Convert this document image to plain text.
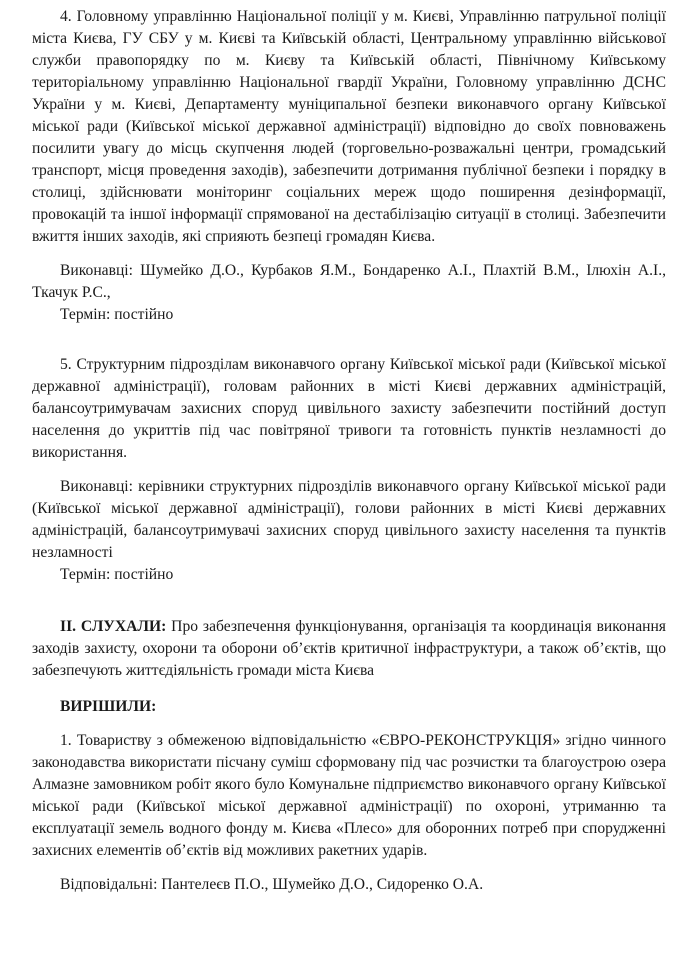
4. Головному управлінню Національної поліції у м. Києві, Управлінню патрульної поліції міста Києва, ГУ СБУ у м. Києві та Київській області, Центральному управлінню військової служби правопорядку по м. Києву та Київській області, Північному Київському територіальному управлінню Національної гвардії України, Головному управлінню ДСНС України у м. Києві, Департаменту муніципальної безпеки виконавчого органу Київської міської ради (Київської міської державної адміністрації) відповідно до своїх повноважень посилити увагу до місць скупчення людей (торговельно-розважальні центри, громадський транспорт, місця проведення заходів), забезпечити дотримання публічної безпеки і порядку в столиці, здійснювати моніторинг соціальних мереж щодо поширення дезінформації, провокацій та іншої інформації спрямованої на дестабілізацію ситуації в столиці. Забезпечити вжиття інших заходів, які сприяють безпеці громадян Києва.

Виконавці: Шумейко Д.О., Курбаков Я.М., Бондаренко А.І., Плахтій В.М., Ілюхін А.І., Ткачук Р.С.,

Термін: постійно

5. Структурним підрозділам виконавчого органу Київської міської ради (Київської міської державної адміністрації), головам районних в місті Києві державних адміністрацій, балансоутримувачам захисних споруд цивільного захисту забезпечити постійний доступ населення до укриттів під час повітряної тривоги та готовність пунктів незламності до використання.

Виконавці: керівники структурних підрозділів виконавчого органу Київської міської ради (Київської міської державної адміністрації), голови районних в місті Києві державних адміністрацій, балансоутримувачі захисних споруд цивільного захисту населення та пунктів незламності

Термін: постійно

ІІ. СЛУХАЛИ: Про забезпечення функціонування, організація та координація виконання заходів захисту, охорони та оборони об’єктів критичної інфраструктури, а також об’єктів, що забезпечують життєдіяльність громади міста Києва

ВИРІШИЛИ:

1. Товариству з обмеженою відповідальністю «ЄВРО-РЕКОНСТРУКЦІЯ» згідно чинного законодавства використати пісчану суміш сформовану під час розчистки та благоустрою озера Алмазне замовником робіт якого було Комунальне підприємство виконавчого органу Київської міської ради (Київської міської державної адміністрації) по охороні, утриманню та експлуатації земель водного фонду м. Києва «Плесо» для оборонних потреб при спорудженні захисних елементів об’єктів від можливих ракетних ударів.

Відповідальні: Пантелеєв П.О., Шумейко Д.О., Сидоренко О.А.
